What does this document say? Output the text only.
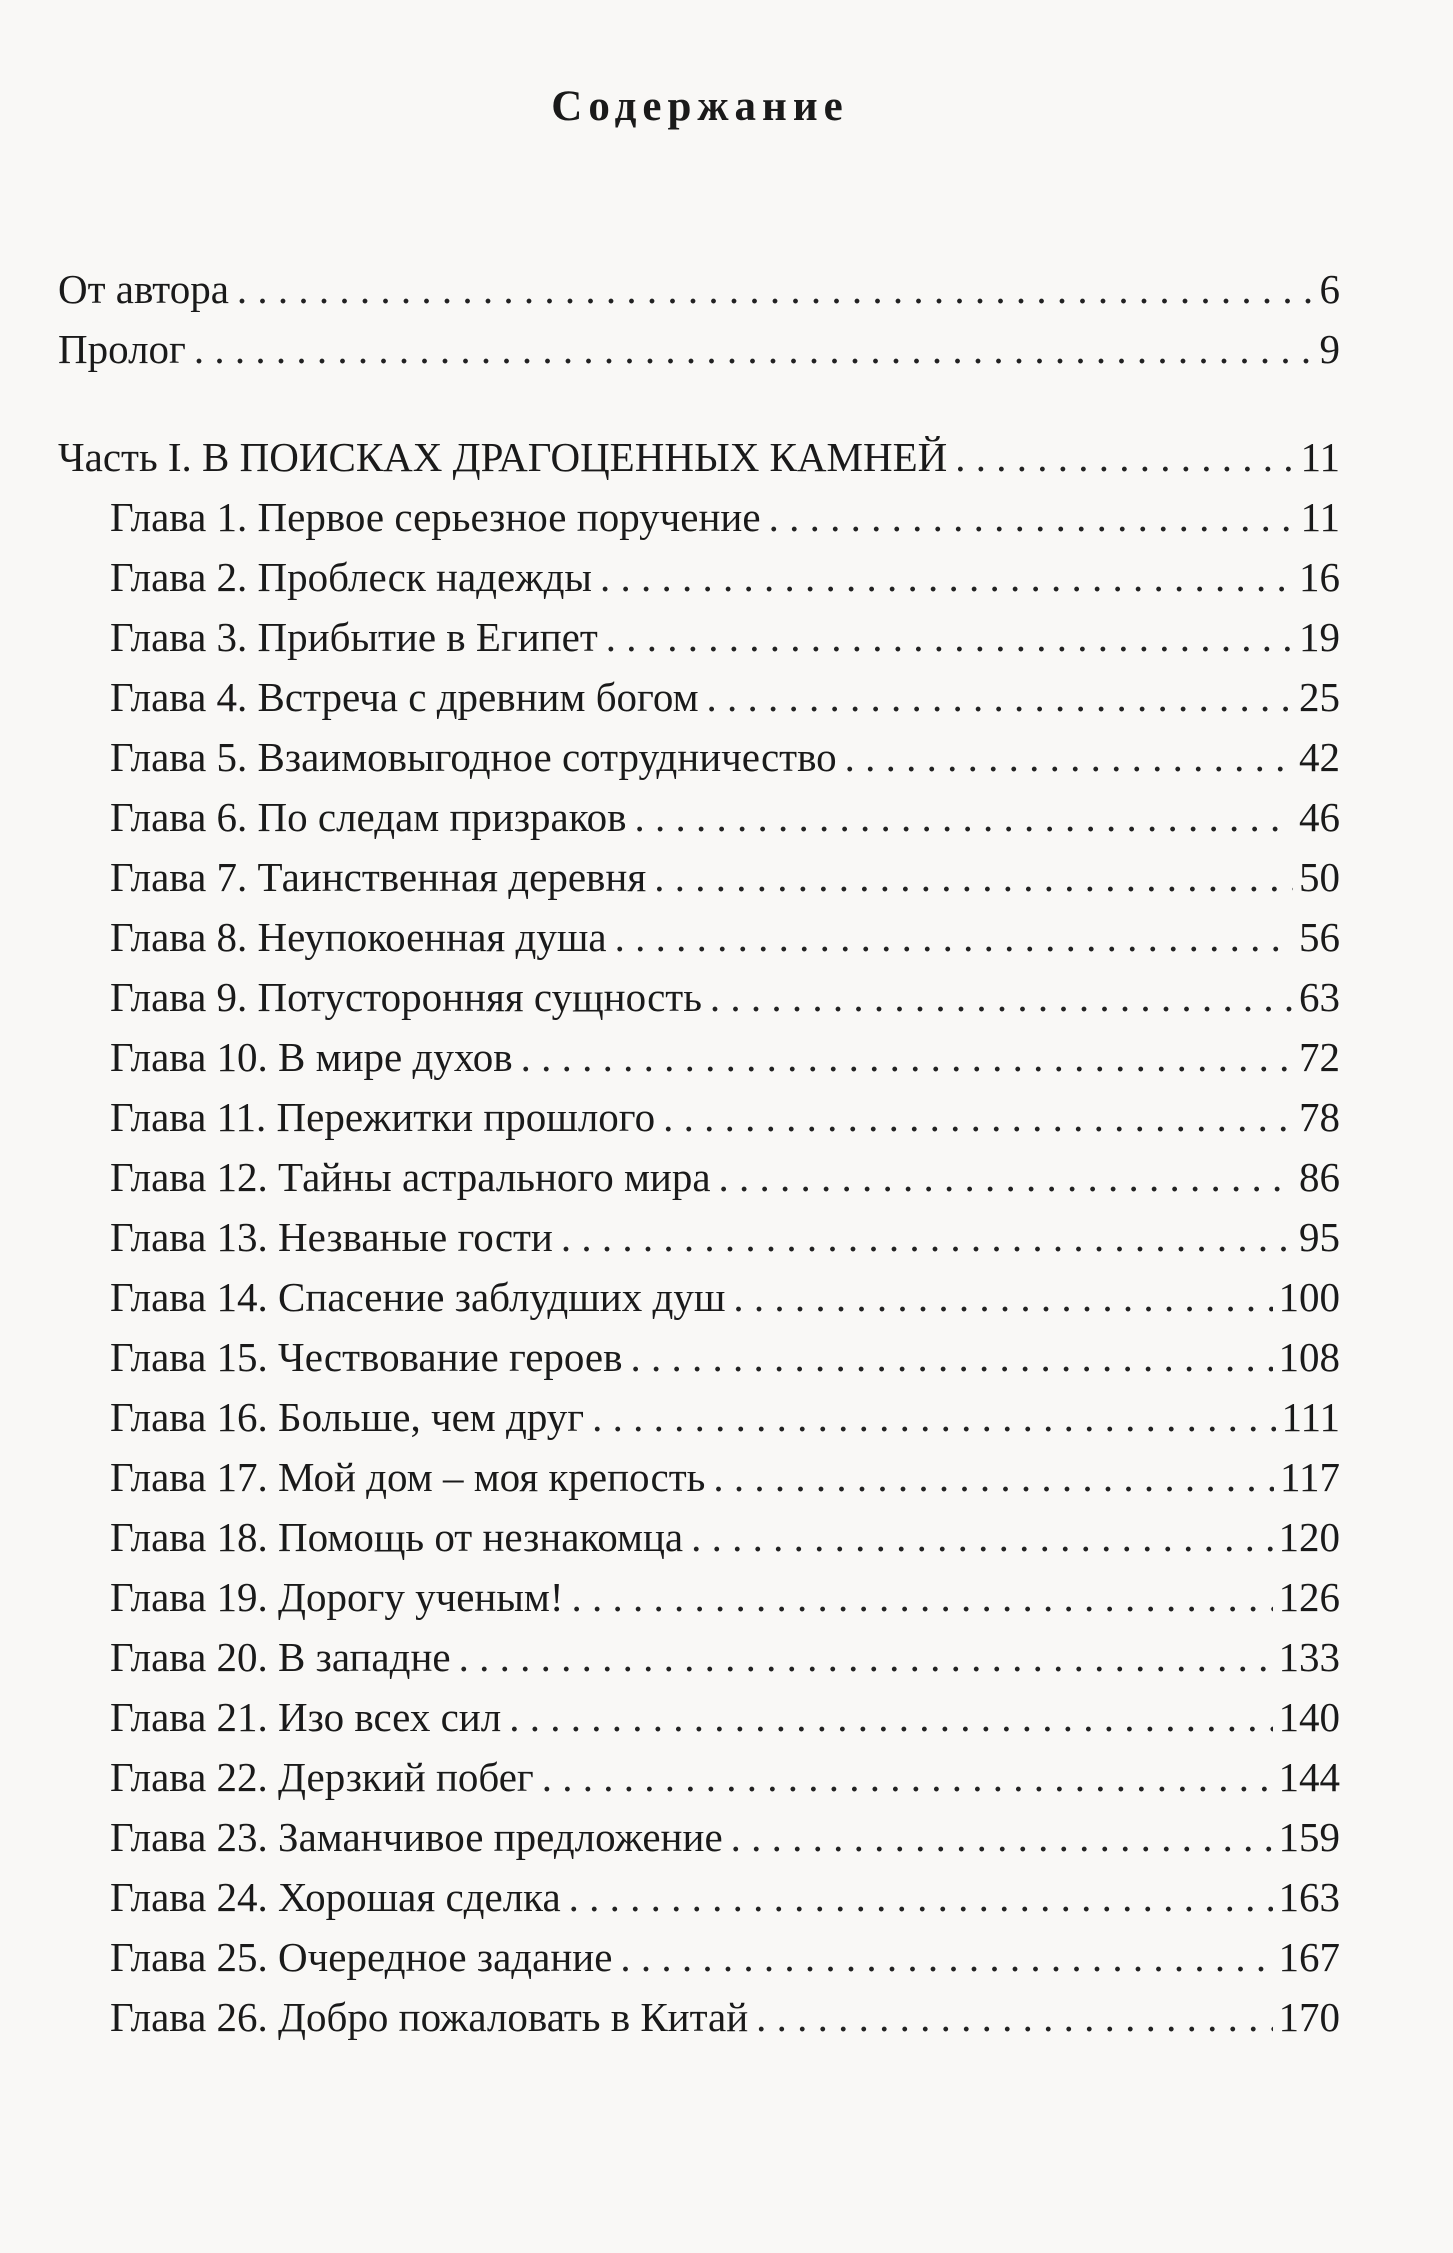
Содержание
От автора . . .	6
Пролог . . .	9
Часть I. В ПОИСКАХ ДРАГОЦЕННЫХ КАМНЕЙ . . .	11
Глава 1. Первое серьезное поручение . . .	11
Глава 2. Проблеск надежды . . .	16
Глава 3. Прибытие в Египет . . .	19
Глава 4. Встреча с древним богом . . .	25
Глава 5. Взаимовыгодное сотрудничество . . .	42
Глава 6. По следам призраков . . .	46
Глава 7. Таинственная деревня . . .	50
Глава 8. Неупокоенная душа . . .	56
Глава 9. Потусторонняя сущность . . .	63
Глава 10. В мире духов . . .	72
Глава 11. Пережитки прошлого . . .	78
Глава 12. Тайны астрального мира . . .	86
Глава 13. Незваные гости . . .	95
Глава 14. Спасение заблудших душ . . .	100
Глава 15. Чествование героев . . .	108
Глава 16. Больше, чем друг . . .	111
Глава 17. Мой дом – моя крепость . . .	117
Глава 18. Помощь от незнакомца . . .	120
Глава 19. Дорогу ученым! . . .	126
Глава 20. В западне . . .	133
Глава 21. Изо всех сил . . .	140
Глава 22. Дерзкий побег . . .	144
Глава 23. Заманчивое предложение . . .	159
Глава 24. Хорошая сделка . . .	163
Глава 25. Очередное задание . . .	167
Глава 26. Добро пожаловать в Китай . . .	170
